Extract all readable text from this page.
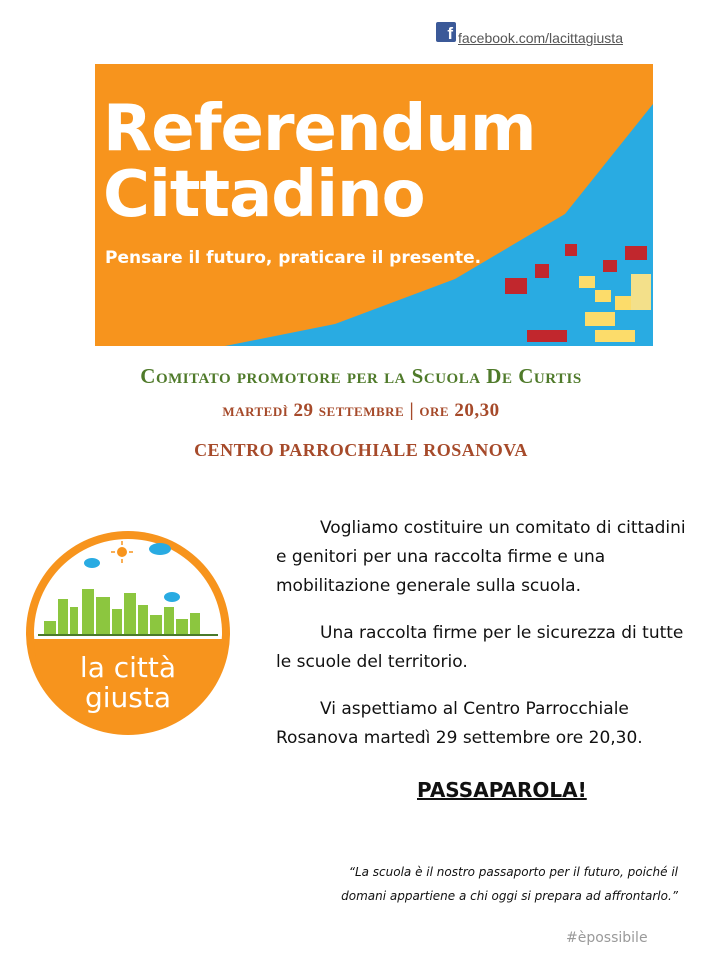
f facebook.com/lacittagiusta
Referendum
Cittadino
Pensare il futuro, praticare il presente.
Comitato promotore per la Scuola De Curtis
martedì 29 settembre | ore 20,30
CENTRO PARROCHIALE ROSANOVA
la città
giusta

Vogliamo costituire un comitato di cittadini e genitori per una raccolta firme e una mobilitazione generale sulla scuola.

Una raccolta firme per le sicurezza di tutte le scuole del territorio.

Vi aspettiamo al Centro Parrocchiale Rosanova martedì 29 settembre ore 20,30.

PASSAPAROLA!
“La scuola è il nostro passaporto per il futuro, poiché il
domani appartiene a chi oggi si prepara ad affrontarlo.”
#èpossibile
